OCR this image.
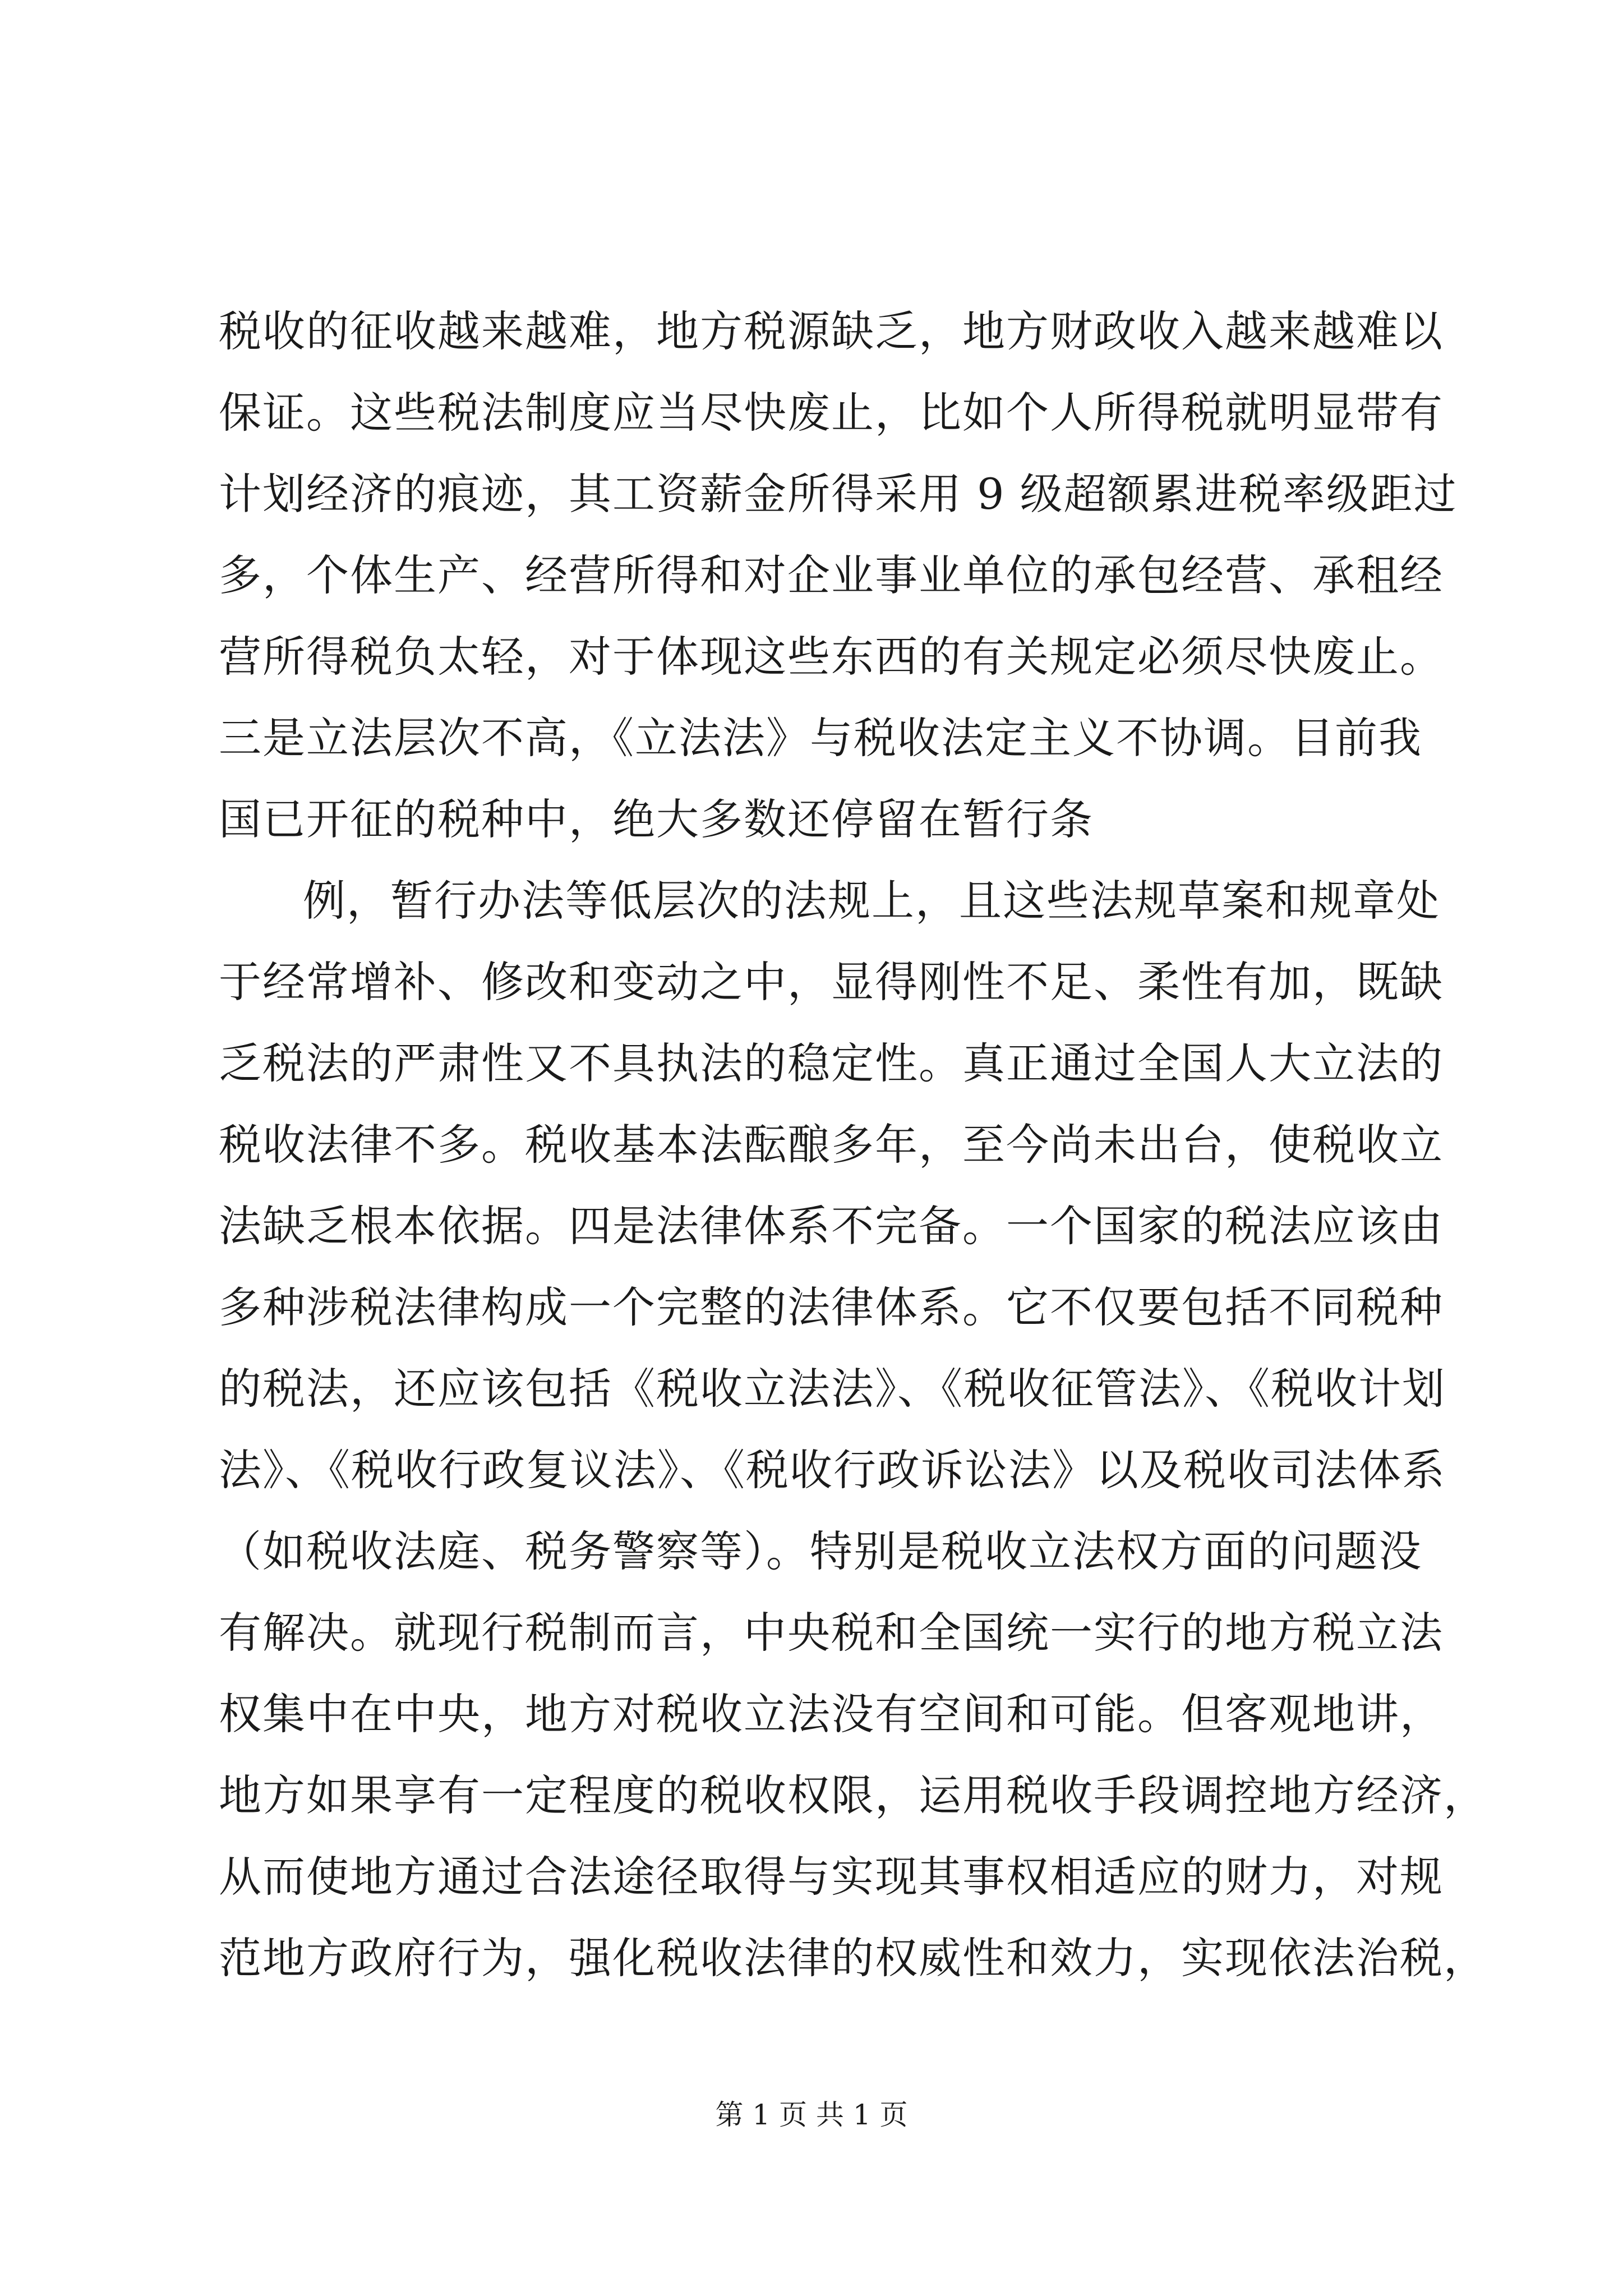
税收的征收越来越难，地方税源缺乏，地方财政收入越来越难以
保证。这些税法制度应当尽快废止，比如个人所得税就明显带有
计划经济的痕迹，其工资薪金所得采用 9 级超额累进税率级距过
多，个体生产、经营所得和对企业事业单位的承包经营、承租经
营所得税负太轻，对于体现这些东西的有关规定必须尽快废止。
三是立法层次不高，《立法法》与税收法定主义不协调。目前我
国已开征的税种中，绝大多数还停留在暂行条
例，暂行办法等低层次的法规上，且这些法规草案和规章处
于经常增补、修改和变动之中，显得刚性不足、柔性有加，既缺
乏税法的严肃性又不具执法的稳定性。真正通过全国人大立法的
税收法律不多。税收基本法酝酿多年，至今尚未出台，使税收立
法缺乏根本依据。四是法律体系不完备。一个国家的税法应该由
多种涉税法律构成一个完整的法律体系。它不仅要包括不同税种
的税法，还应该包括《税收立法法》、《税收征管法》、《税收计划
法》、《税收行政复议法》、《税收行政诉讼法》以及税收司法体系
（如税收法庭、税务警察等）。特别是税收立法权方面的问题没
有解决。就现行税制而言，中央税和全国统一实行的地方税立法
权集中在中央，地方对税收立法没有空间和可能。但客观地讲，
地方如果享有一定程度的税收权限，运用税收手段调控地方经济，
从而使地方通过合法途径取得与实现其事权相适应的财力，对规
范地方政府行为，强化税收法律的权威性和效力，实现依法治税，
第 1 页 共 1 页
